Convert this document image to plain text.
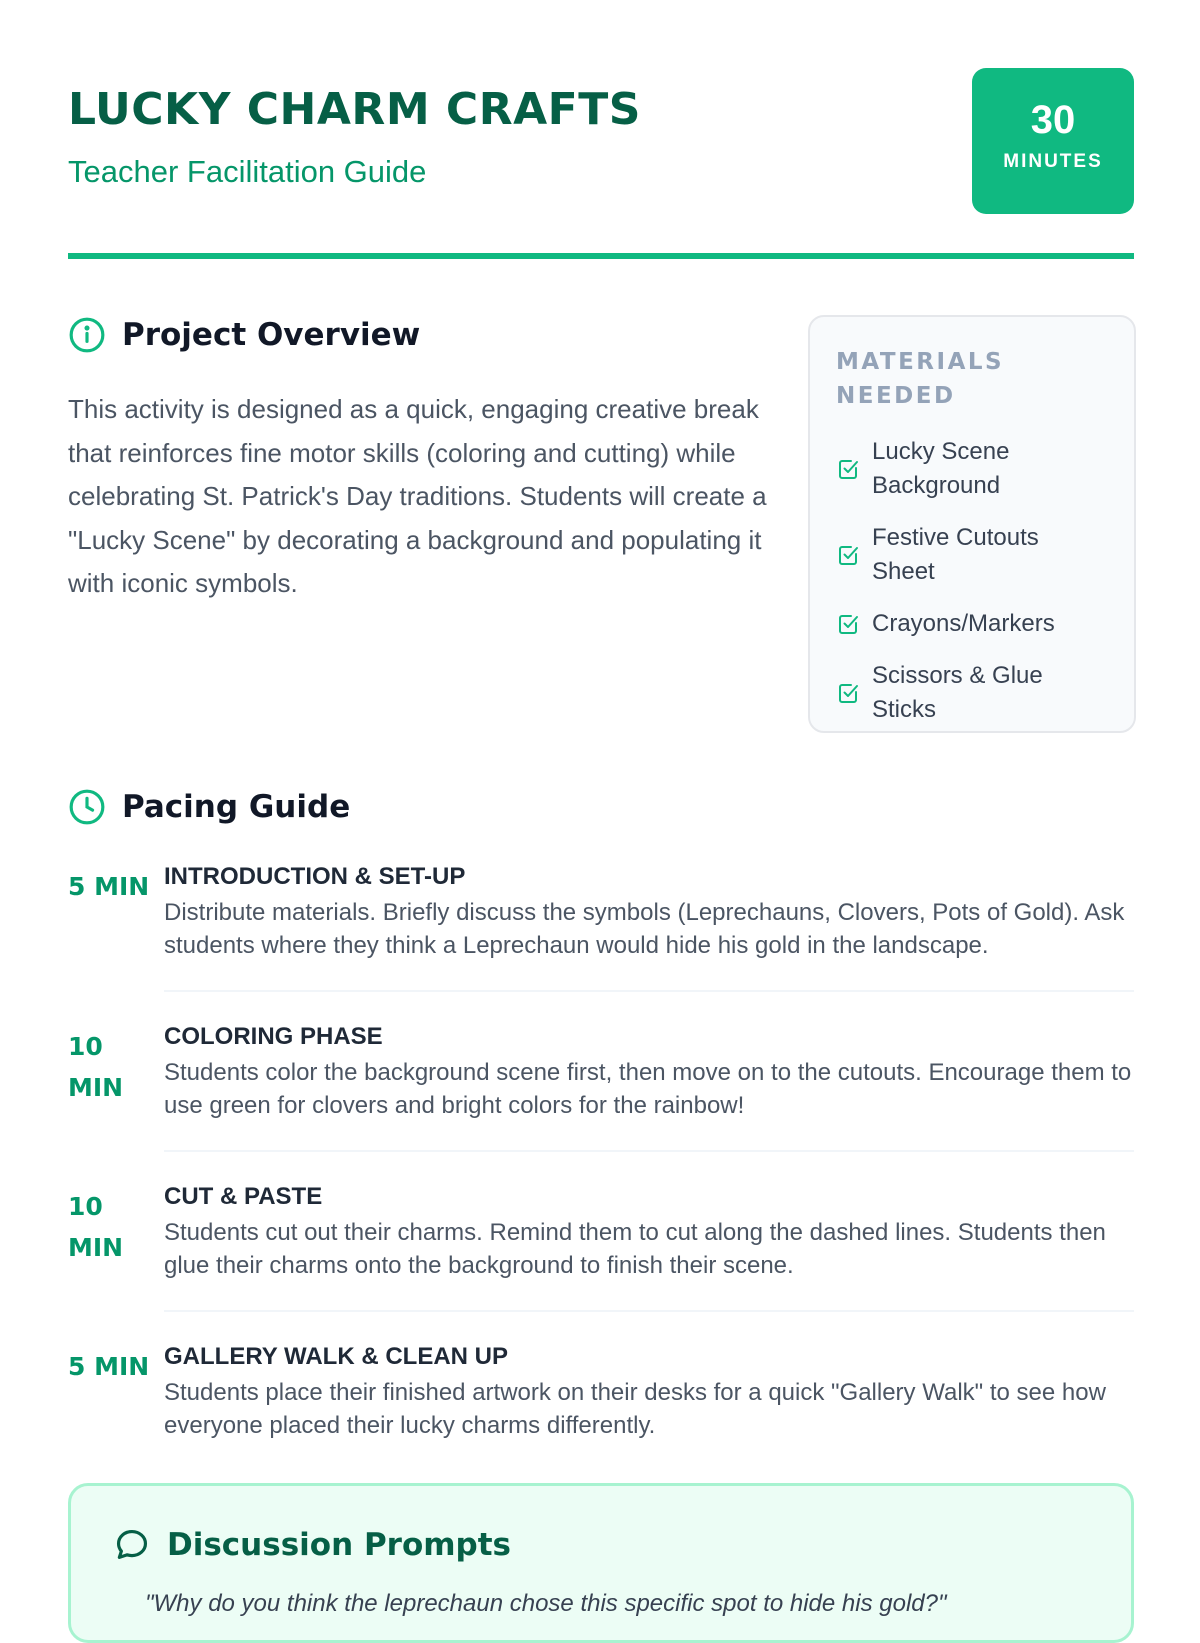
LUCKY CHARM CRAFTS
Teacher Facilitation Guide
30
MINUTES
Project Overview

This activity is designed as a quick, engaging creative break that reinforces fine motor skills (coloring and cutting) while celebrating St. Patrick's Day traditions. Students will create a "Lucky Scene" by decorating a background and populating it with iconic symbols.

MATERIALS NEEDED
Lucky Scene Background
Festive Cutouts Sheet
Crayons/Markers
Scissors & Glue Sticks
Pacing Guide
5 MIN INTRODUCTION & SET-UP
Distribute materials. Briefly discuss the symbols (Leprechauns, Clovers, Pots of Gold). Ask students where they think a Leprechaun would hide his gold in the landscape.
10 MIN
COLORING PHASE
Students color the background scene first, then move on to the cutouts. Encourage them to use green for clovers and bright colors for the rainbow!
10 MIN
CUT & PASTE
Students cut out their charms. Remind them to cut along the dashed lines. Students then glue their charms onto the background to finish their scene.
5 MIN GALLERY WALK & CLEAN UP
Students place their finished artwork on their desks for a quick "Gallery Walk" to see how everyone placed their lucky charms differently.
Discussion Prompts

"Why do you think the leprechaun chose this specific spot to hide his gold?"
